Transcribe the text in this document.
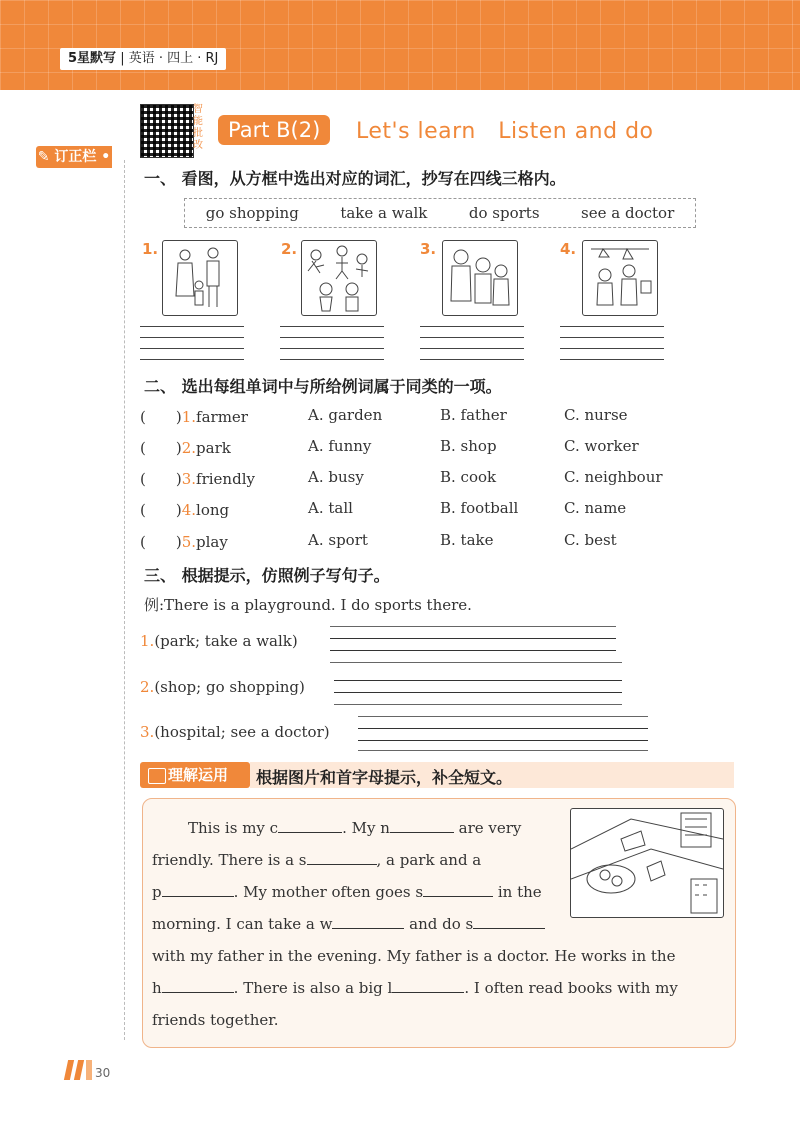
5星默写 | 英语 · 四上 · RJ
✎ 订正栏 •
智能批改
Part B(2)	Let's learn　Listen and do
一、 看图，从方框中选出对应的词汇，抄写在四线三格内。
go shopping	take a walk	do sports	see a doctor
1.	2.	3.	4.
二、 选出每组单词中与所给例词属于同类的一项。
(　　)1.farmer	A. garden	B. father	C. nurse
(　　)2.park	A. funny	B. shop	C. worker
(　　)3.friendly	A. busy	B. cook	C. neighbour
(　　)4.long	A. tall	B. football	C. name
(　　)5.play	A. sport	B. take	C. best
三、 根据提示，仿照例子写句子。
例:There is a playground. I do sports there.
1.(park; take a walk)
2.(shop; go shopping)
3.(hospital; see a doctor)
理解运用	根据图片和首字母提示，补全短文。
This is my c	. My n	are very
friendly. There is a s	, a park and a
p	. My mother often goes s	in the
morning. I can take a w	and do s
with my father in the evening. My father is a doctor. He works in the
h	. There is also a big l	. I often read books with my
friends together.
30
